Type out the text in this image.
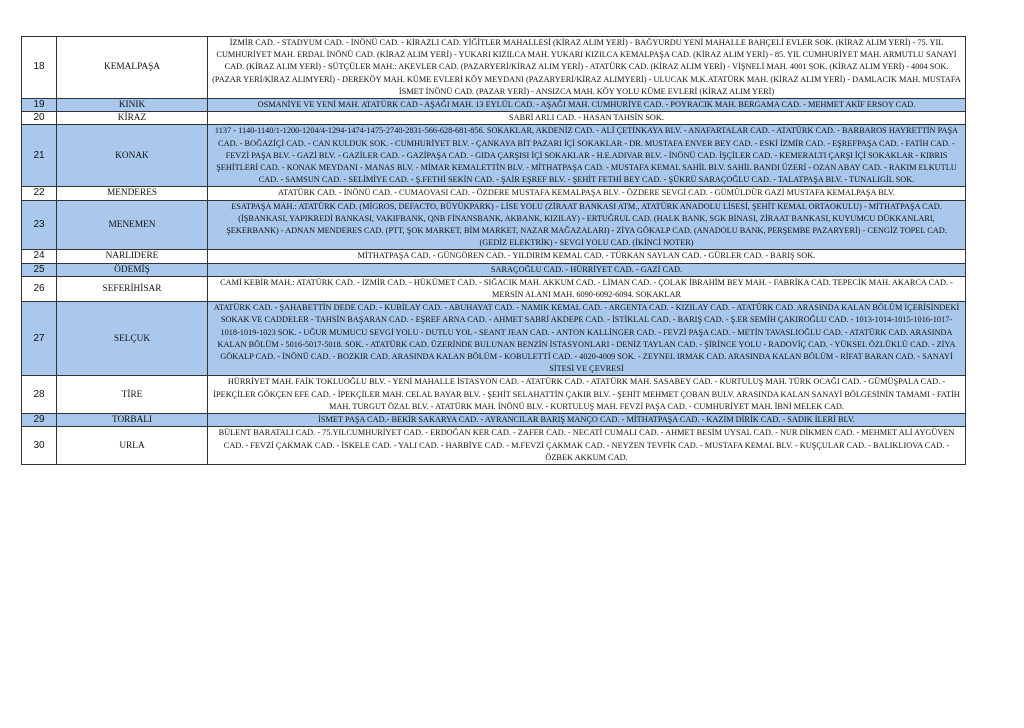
18	KEMALPAŞA	İZMİR CAD. - STADYUM CAD. - İNÖNÜ CAD. - KİRAZLI CAD. YİĞİTLER MAHALLESİ (KİRAZ ALIM YERİ) - BAĞYURDU YENİ MAHALLE BAHÇELİ EVLER SOK. (KİRAZ ALIM YERİ) - 75. YIL CUMHURİYET MAH. ERDAL İNÖNÜ CAD. (KİRAZ ALIM YERİ) - YUKARI KIZILCA MAH. YUKARI KIZILCA KEMALPAŞA CAD. (KİRAZ ALIM YERİ) - 85. YIL CUMHURİYET MAH. ARMUTLU SANAYİ CAD. (KİRAZ ALIM YERİ) - SÜTÇÜLER MAH.: AKEVLER CAD. (PAZARYERİ/KİRAZ ALIM YERİ) - ATATÜRK CAD. (KİRAZ ALIM YERİ) - VİŞNELİ MAH. 4001 SOK. (KİRAZ ALIM YERİ) - 4004 SOK. (PAZAR YERİ/KİRAZ ALIMYERİ) - DEREKÖY MAH. KÜME EVLERİ KÖY MEYDANI (PAZARYERİ/KİRAZ ALIMYERİ) - ULUCAK M.K.ATATÜRK MAH. (KİRAZ ALIM YERİ) - DAMLACIK MAH. MUSTAFA İSMET İNÖNÜ CAD. (PAZAR YERİ) - ANSIZCA MAH. KÖY YOLU KÜME EVLERİ (KİRAZ ALIM YERİ)
19	KINIK	OSMANİYE VE YENİ MAH. ATATÜRK CAD - AŞAĞI MAH. 13 EYLÜL CAD. - AŞAĞI MAH. CUMHURİYE CAD. - POYRACIK MAH. BERGAMA CAD. - MEHMET AKİF ERSOY CAD.
20	KİRAZ	SABRİ ARLI CAD. - HASAN TAHSİN SOK.
21	KONAK	1137 - 1140-1140/1-1200-1204/4-1294-1474-1475-2740-2831-566-628-681-856. SOKAKLAR, AKDENİZ CAD. - ALİ ÇETİNKAYA BLV. - ANAFARTALAR CAD. - ATATÜRK CAD. - BARBAROS HAYRETTİN PAŞA CAD. - BOĞAZİÇİ CAD. - CAN KULDUK SOK. - CUMHURİYET BLV. - ÇANKAYA BİT PAZARI İÇİ SOKAKLAR - DR. MUSTAFA ENVER BEY CAD. - ESKİ İZMİR CAD. - EŞREFPAŞA CAD. - FATİH CAD. - FEVZİ PAŞA BLV. - GAZİ BLV. - GAZİLER CAD. - GAZİPAŞA CAD. - GIDA ÇARŞISI İÇİ SOKAKLAR - H.E.ADIVAR BLV. - İNÖNÜ CAD. İŞÇİLER CAD. - KEMERALTI ÇARŞI İÇİ SOKAKLAR - KIBRIS ŞEHİTLERİ CAD. - KONAK MEYDANI - MANAS BLV. - MİMAR KEMALETTİN BLV. - MİTHATPAŞA CAD. - MUSTAFA KEMAL SAHİL BLV. SAHİL BANDI ÜZERİ - OZAN ABAY CAD. - RAKIM ELKUTLU CAD. - SAMSUN CAD. - SELİMİYE CAD. - Ş.FETHİ SEKİN CAD. - ŞAİR EŞREF BLV. - ŞEHİT FETHİ BEY CAD. - ŞÜKRÜ SARAÇOĞLU CAD. - TALATPAŞA BLV. - TUNALIGİL SOK.
22	MENDERES	ATATÜRK CAD. - İNÖNÜ CAD. - CUMAOVASI CAD. - ÖZDERE MUSTAFA KEMALPAŞA BLV. - ÖZDERE SEVGİ CAD. - GÜMÜLDÜR GAZİ MUSTAFA KEMALPAŞA BLV.
23	MENEMEN	ESATPAŞA MAH.: ATATÜRK CAD. (MİGROS, DEFACTO, BÜYÜKPARK) - LİSE YOLU (ZİRAAT BANKASI ATM., ATATÜRK ANADOLU LİSESİ, ŞEHİT KEMAL ORTAOKULU) - MİTHATPAŞA CAD. (İŞBANKASI, YAPIKREDİ BANKASI, VAKIFBANK, QNB FİNANSBANK, AKBANK, KIZILAY) - ERTUĞRUL CAD. (HALK BANK, SGK BİNASI, ZİRAAT BANKASI, KUYUMCU DÜKKANLARI, ŞEKERBANK) - ADNAN MENDERES CAD. (PTT, ŞOK MARKET, BİM MARKET, NAZAR MAĞAZALARI) - ZİYA GÖKALP CAD. (ANADOLU BANK, PERŞEMBE PAZARYERİ) - CENGİZ TOPEL CAD. (GEDİZ ELEKTRİK) - SEVGİ YOLU CAD. (İKİNCİ NOTER)
24	NARLIDERE	MİTHATPAŞA CAD. - GÜNGÖREN CAD. - YILDIRIM KEMAL CAD. - TÜRKAN SAYLAN CAD. - GÜRLER CAD. - BARIŞ SOK.
25	ÖDEMİŞ	SARAÇOĞLU CAD. - HÜRRİYET CAD. - GAZİ CAD.
26	SEFERİHİSAR	CAMİ KEBİR MAH.: ATATÜRK CAD. - İZMİR CAD. - HÜKÜMET CAD. - SIĞACIK MAH. AKKUM CAD. - LİMAN CAD. - ÇOLAK İBRAHİM BEY MAH. - FABRİKA CAD. TEPECİK MAH. AKARCA CAD. - MERSİN ALANI MAH. 6090-6092-6094. SOKAKLAR
27	SELÇUK	ATATÜRK CAD. - ŞAHABETTİN DEDE CAD. - KUBİLAY CAD. - ABUHAYAT CAD. - NAMIK KEMAL CAD. - ARGENTA CAD. - KIZILAY CAD. - ATATÜRK CAD. ARASINDA KALAN BÖLÜM İÇERİSİNDEKİ SOKAK VE CADDELER - TAHSİN BAŞARAN CAD. - EŞREF ARNA CAD. - AHMET SABRİ AKDEPE CAD. - İSTİKLAL CAD. - BARIŞ CAD. - Ş.ER SEMİH ÇAKIROĞLU CAD. - 1013-1014-1015-1016-1017-1018-1019-1023 SOK. - UĞUR MUMUCU SEVGİ YOLU - DUTLU YOL - SEANT JEAN CAD. - ANTON KALLİNGER CAD. - FEVZİ PAŞA CAD. - METİN TAVASLIOĞLU CAD. - ATATÜRK CAD. ARASINDA KALAN BÖLÜM - 5016-5017-5018. SOK. - ATATÜRK CAD. ÜZERİNDE BULUNAN BENZİN İSTASYONLARI - DENİZ TAYLAN CAD. - ŞİRİNCE YOLU - RADOVİÇ CAD. - YÜKSEL ÖZLÜKLÜ CAD. - ZİYA GÖKALP CAD. - İNÖNÜ CAD. - BOZKIR CAD. ARASINDA KALAN BÖLÜM - KOBULETTİ CAD. - 4020-4009 SOK. - ZEYNEL IRMAK CAD. ARASINDA KALAN BÖLÜM - RİFAT BARAN CAD. - SANAYİ SİTESİ VE ÇEVRESİ
28	TİRE	HÜRRİYET MAH. FAİK TOKLUOĞLU BLV. - YENİ MAHALLE İSTASYON CAD. - ATATÜRK CAD. - ATATÜRK MAH. SASABEY CAD. - KURTULUŞ MAH. TÜRK OCAĞI CAD. - GÜMÜŞPALA CAD. - İPEKÇİLER GÖKÇEN EFE CAD. - İPEKÇİLER MAH. CELAL BAYAR BLV. - ŞEHİT SELAHATTİN ÇAKIR BLV. - ŞEHİT MEHMET ÇOBAN BULV. ARASINDA KALAN SANAYİ BÖLGESİNİN TAMAMI - FATİH MAH. TURGUT ÖZAL BLV. - ATATÜRK MAH. İNÖNÜ BLV. - KURTULUŞ MAH. FEVZİ PAŞA CAD. - CUMHURİYET MAH. İBNİ MELEK CAD.
29	TORBALI	İSMET PAŞA CAD.- BEKİR SAKARYA CAD. - AYRANCILAR BARIŞ MANÇO CAD. - MİTHATPAŞA CAD. - KAZIM DİRİK CAD. - SADIK İLERİ BLV.
30	URLA	BÜLENT BARATALI CAD. - 75.YILCUMHURİYET CAD. - ERDOĞAN KER CAD. - ZAFER CAD. - NECATİ CUMALI CAD. - AHMET BESİM UYSAL CAD. - NUR DİKMEN CAD. - MEHMET ALİ AYGÜVEN CAD. - FEVZİ ÇAKMAK CAD. - İSKELE CAD. - YALI CAD. - HARBİYE CAD. - M.FEVZİ ÇAKMAK CAD. - NEYZEN TEVFİK CAD. - MUSTAFA KEMAL BLV. - KUŞÇULAR CAD. - BALIKLIOVA CAD. - ÖZBEK AKKUM CAD.
